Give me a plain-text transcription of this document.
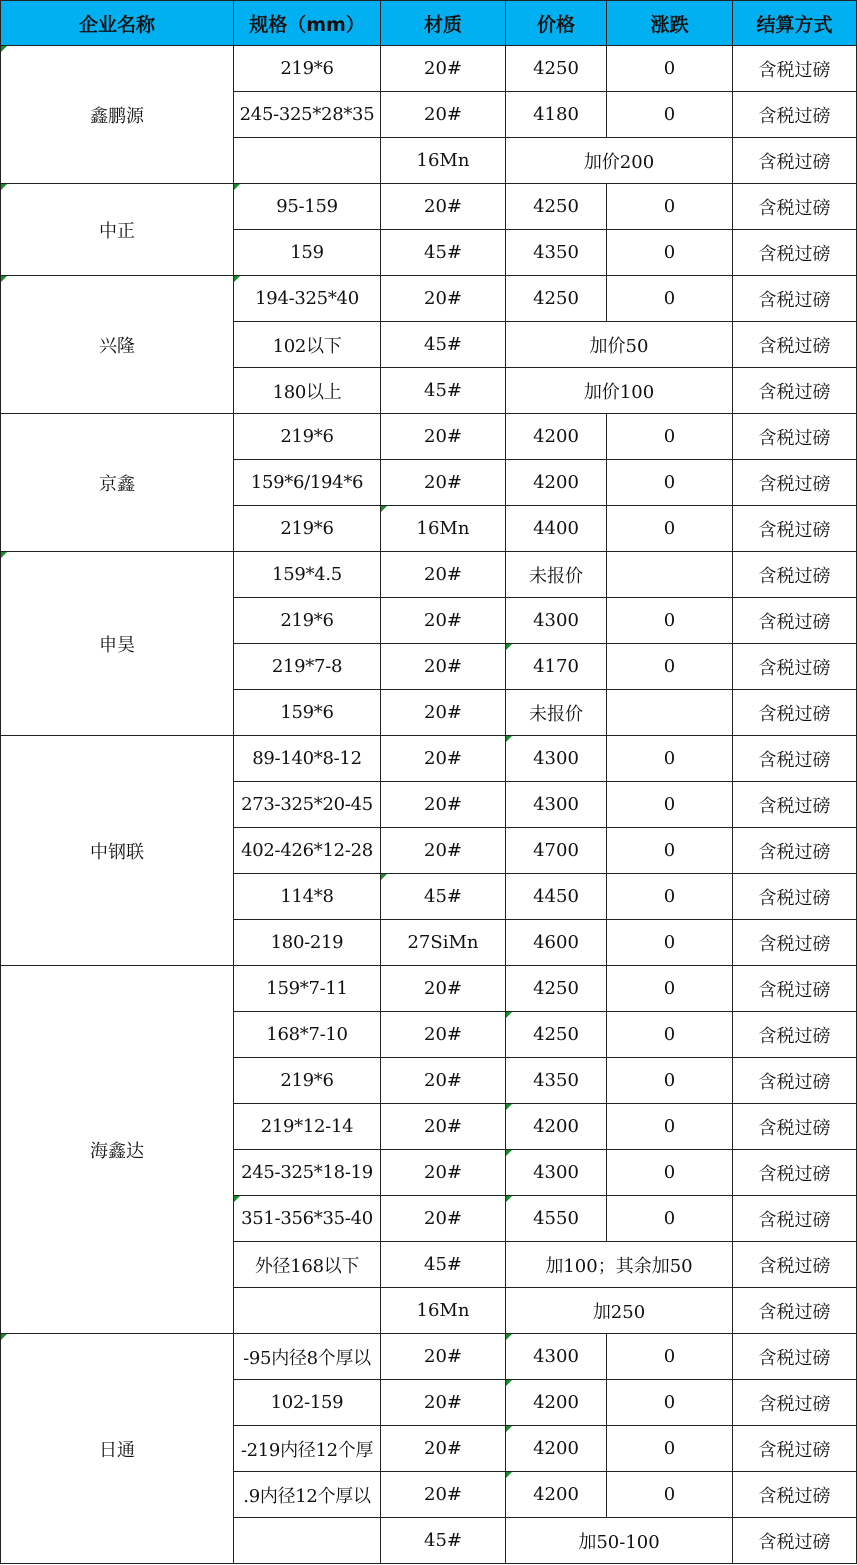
企业名称	规格（mm）	材质	价格	涨跌	结算方式
鑫鹏源	219*6	20#	4250	0	含税过磅
	245-325*28*35	20#	4180	0	含税过磅
		16Mn	加价200		含税过磅
中正	95-159	20#	4250	0	含税过磅
	159	45#	4350	0	含税过磅
兴隆	194-325*40	20#	4250	0	含税过磅
	102以下	45#	加价50		含税过磅
	180以上	45#	加价100		含税过磅
京鑫	219*6	20#	4200	0	含税过磅
	159*6/194*6	20#	4200	0	含税过磅
	219*6	16Mn	4400	0	含税过磅
申昊	159*4.5	20#	未报价		含税过磅
	219*6	20#	4300	0	含税过磅
	219*7-8	20#	4170	0	含税过磅
	159*6	20#	未报价		含税过磅
中钢联	89-140*8-12	20#	4300	0	含税过磅
	273-325*20-45	20#	4300	0	含税过磅
	402-426*12-28	20#	4700	0	含税过磅
	114*8	45#	4450	0	含税过磅
	180-219	27SiMn	4600	0	含税过磅
海鑫达	159*7-11	20#	4250	0	含税过磅
	168*7-10	20#	4250	0	含税过磅
	219*6	20#	4350	0	含税过磅
	219*12-14	20#	4200	0	含税过磅
	245-325*18-19	20#	4300	0	含税过磅
	351-356*35-40	20#	4550	0	含税过磅
	外径168以下	45#	加100；其余加50		含税过磅
		16Mn	加250		含税过磅
日通	-95内径8个厚以	20#	4300	0	含税过磅
	102-159	20#	4200	0	含税过磅
	-219内径12个厚	20#	4200	0	含税过磅
	.9内径12个厚以	20#	4200	0	含税过磅
		45#	加50-100		含税过磅
